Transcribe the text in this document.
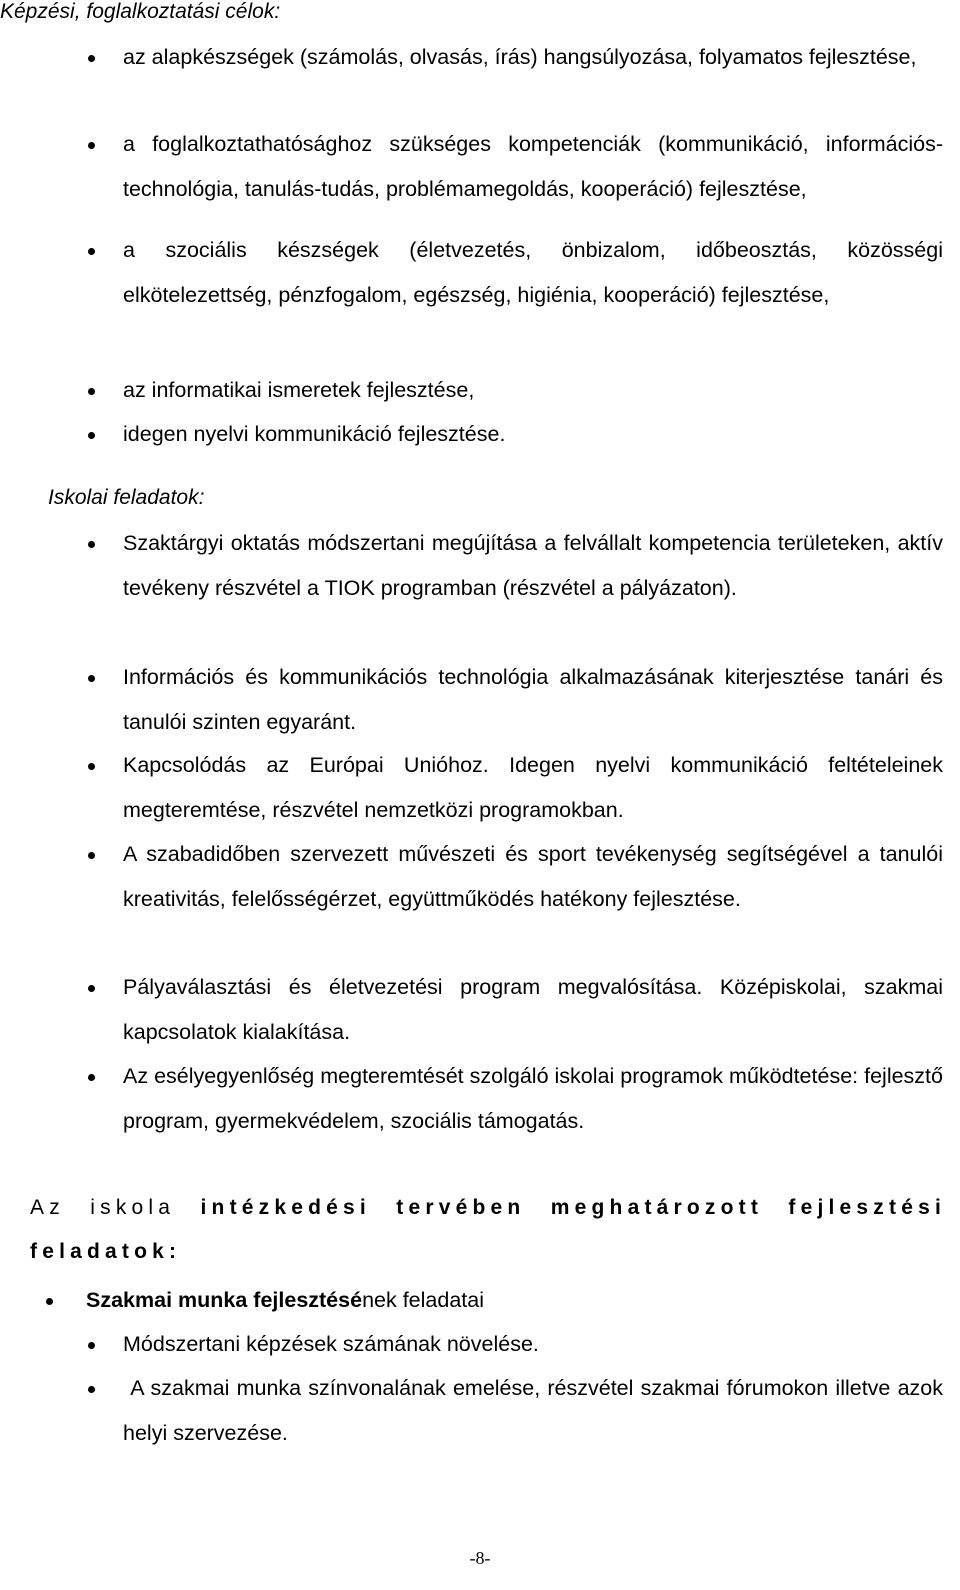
Képzési, foglalkoztatási célok:
az alapkészségek (számolás, olvasás, írás) hangsúlyozása, folyamatos fejlesztése,
a foglalkoztathatósághoz szükséges kompetenciák (kommunikáció, információs-technológia, tanulás-tudás, problémamegoldás, kooperáció) fejlesztése,
a szociális készségek (életvezetés, önbizalom, időbeosztás, közösségi elkötelezettség, pénzfogalom, egészség, higiénia, kooperáció) fejlesztése,
az informatikai ismeretek fejlesztése,
idegen nyelvi kommunikáció fejlesztése.
Iskolai feladatok:
Szaktárgyi oktatás módszertani megújítása a felvállalt kompetencia területeken, aktív tevékeny részvétel a TIOK programban (részvétel a pályázaton).
Információs és kommunikációs technológia alkalmazásának kiterjesztése tanári és tanulói szinten egyaránt.
Kapcsolódás az Európai Unióhoz. Idegen nyelvi kommunikáció feltételeinek megteremtése, részvétel nemzetközi programokban.
A szabadidőben szervezett művészeti és sport tevékenység segítségével a tanulói kreativitás, felelősségérzet, együttműködés hatékony fejlesztése.
Pályaválasztási és életvezetési program megvalósítása. Középiskolai, szakmai kapcsolatok kialakítása.
Az esélyegyenlőség megteremtését szolgáló iskolai programok működtetése: fejlesztő program, gyermekvédelem, szociális támogatás.
Az iskola intézkedési tervében meghatározott fejlesztési feladatok:
Szakmai munka fejlesztésének feladatai
Módszertani képzések számának növelése.
A szakmai munka színvonalának emelése, részvétel szakmai fórumokon illetve azok helyi szervezése.
-8-
